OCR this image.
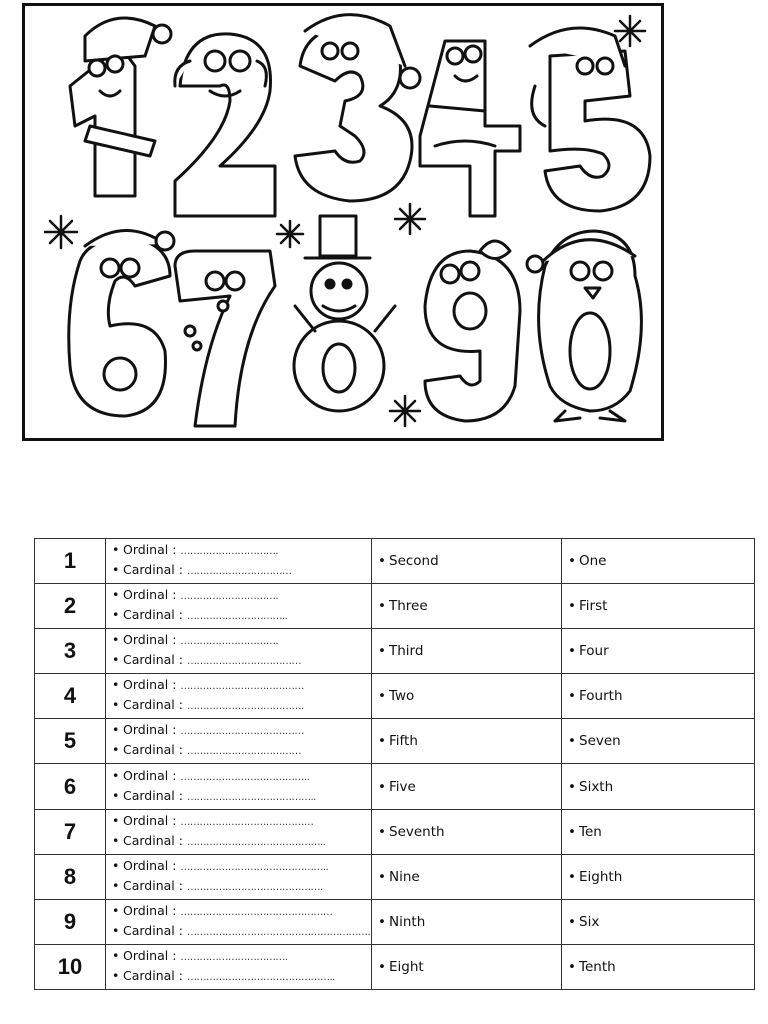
1	• Ordinal : ………………………….
• Cardinal : ……………………………	• Second	• One
2	• Ordinal : ………………………….
• Cardinal : …………………………..	• Three	• First
3	• Ordinal : ………………………….
• Cardinal : ………………………………	• Third	• Four
4	• Ordinal : …………………………………
• Cardinal : ……………………………….	• Two	• Fourth
5	• Ordinal : …………………………………
• Cardinal : ………………………………	• Fifth	• Seven
6	• Ordinal : …………………………………..
• Cardinal : …………………………………..	• Five	• Sixth
7	• Ordinal : ……………………………………
• Cardinal : ……………………………………..	• Seventh	• Ten
8	• Ordinal : ………………………………………..
• Cardinal : …………………………………….	• Nine	• Eighth
9	• Ordinal : …………………………………………
• Cardinal : ………………………………………………….	• Ninth	• Six
10	• Ordinal : …………………………….
• Cardinal : ………………………………………..	• Eight	• Tenth
